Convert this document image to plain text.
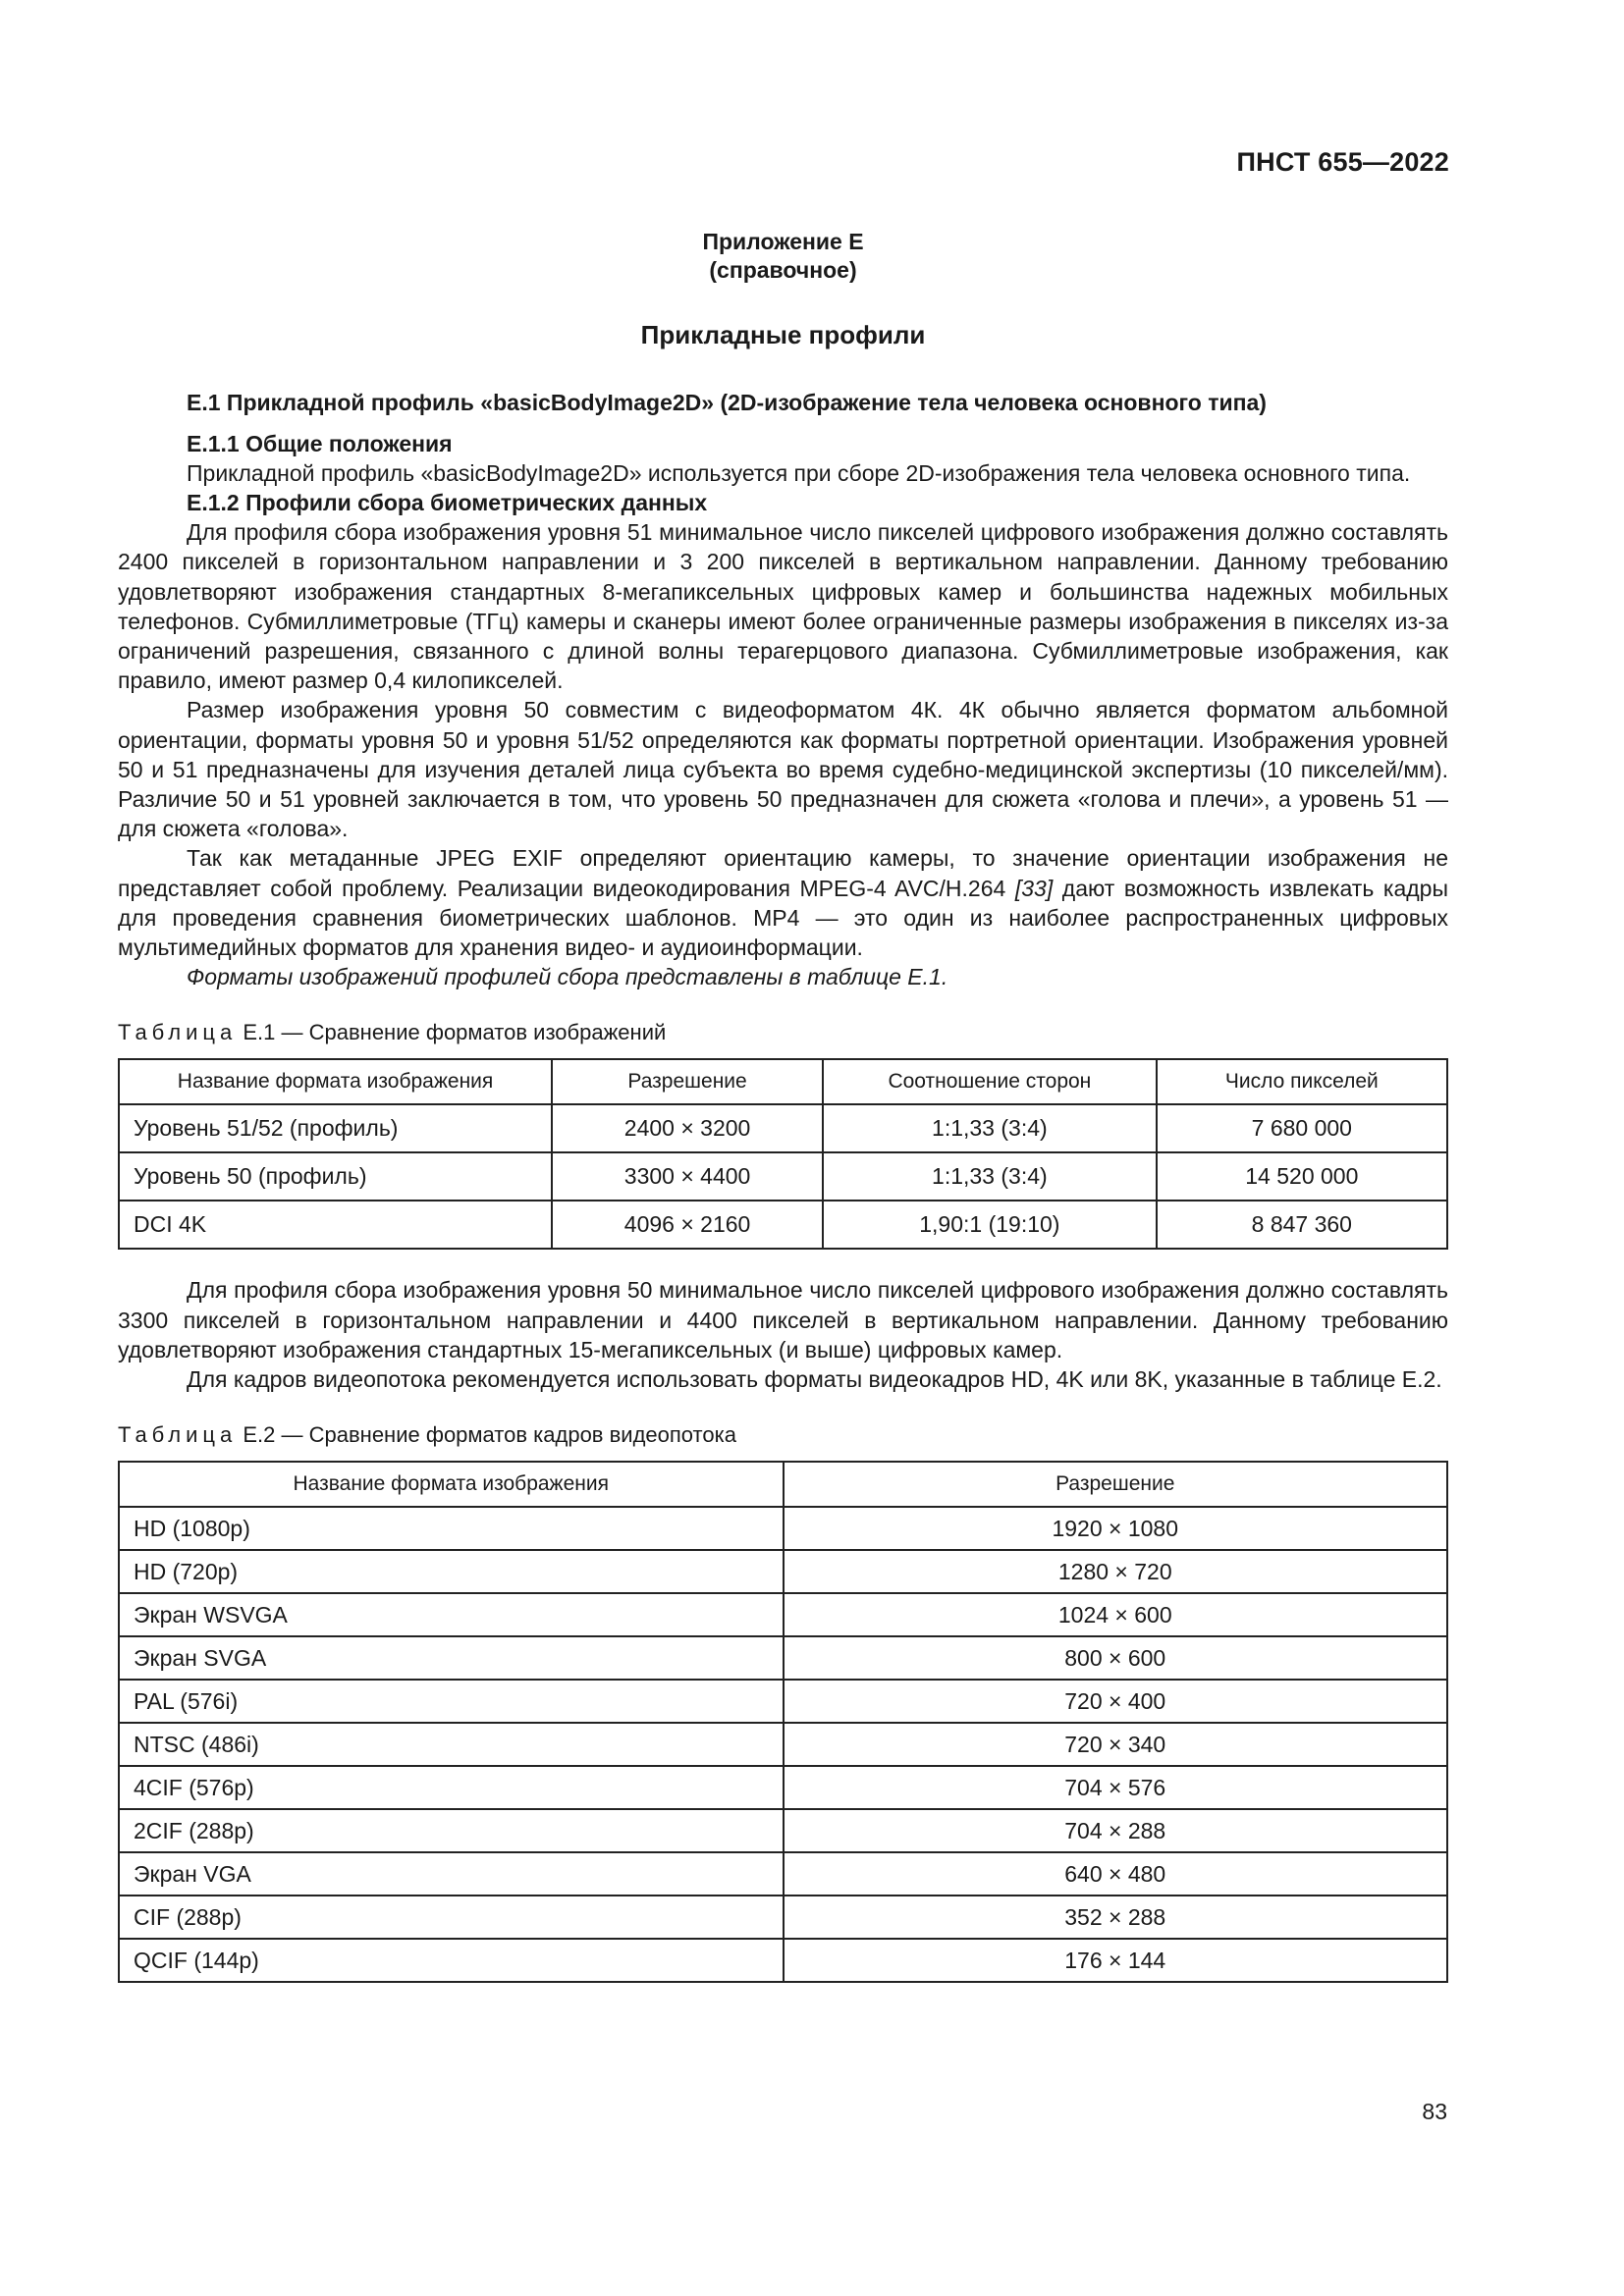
ПНСТ 655—2022
Приложение Е
(справочное)
Прикладные профили
Е.1 Прикладной профиль «basicBodyImage2D» (2D-изображение тела человека основного типа)
Е.1.1 Общие положения

Прикладной профиль «basicBodyImage2D» используется при сборе 2D-изображения тела человека основного типа.

Е.1.2 Профили сбора биометрических данных

Для профиля сбора изображения уровня 51 минимальное число пикселей цифрового изображения должно составлять 2400 пикселей в горизонтальном направлении и 3 200 пикселей в вертикальном направлении. Данному требованию удовлетворяют изображения стандартных 8-мегапиксельных цифровых камер и большинства надежных мобильных телефонов. Субмиллиметровые (ТГц) камеры и сканеры имеют более ограниченные размеры изображения в пикселях из-за ограничений разрешения, связанного с длиной волны терагерцового диапазона. Субмиллиметровые изображения, как правило, имеют размер 0,4 килопикселей.

Размер изображения уровня 50 совместим с видеоформатом 4К. 4К обычно является форматом альбомной ориентации, форматы уровня 50 и уровня 51/52 определяются как форматы портретной ориентации. Изображения уровней 50 и 51 предназначены для изучения деталей лица субъекта во время судебно-медицинской экспертизы (10 пикселей/мм). Различие 50 и 51 уровней заключается в том, что уровень 50 предназначен для сюжета «голова и плечи», а уровень 51 — для сюжета «голова».

Так как метаданные JPEG EXIF определяют ориентацию камеры, то значение ориентации изображения не представляет собой проблему. Реализации видеокодирования MPEG-4 AVC/H.264 [33] дают возможность извлекать кадры для проведения сравнения биометрических шаблонов. MP4 — это один из наиболее распространенных цифровых мультимедийных форматов для хранения видео- и аудиоинформации.

Форматы изображений профилей сбора представлены в таблице Е.1.

Таблица Е.1 — Сравнение форматов изображений
Название формата изображения	Разрешение	Соотношение сторон	Число пикселей
Уровень 51/52 (профиль)	2400 × 3200	1:1,33 (3:4)	7 680 000
Уровень 50 (профиль)	3300 × 4400	1:1,33 (3:4)	14 520 000
DCI 4K	4096 × 2160	1,90:1 (19:10)	8 847 360

Для профиля сбора изображения уровня 50 минимальное число пикселей цифрового изображения должно составлять 3300 пикселей в горизонтальном направлении и 4400 пикселей в вертикальном направлении. Данному требованию удовлетворяют изображения стандартных 15-мегапиксельных (и выше) цифровых камер.

Для кадров видеопотока рекомендуется использовать форматы видеокадров HD, 4K или 8K, указанные в таблице Е.2.

Таблица Е.2 — Сравнение форматов кадров видеопотока
Название формата изображения	Разрешение
HD (1080p)	1920 × 1080
HD (720p)	1280 × 720
Экран WSVGA	1024 × 600
Экран SVGA	800 × 600
PAL (576i)	720 × 400
NTSC (486i)	720 × 340
4CIF (576p)	704 × 576
2CIF (288p)	704 × 288
Экран VGA	640 × 480
CIF (288p)	352 × 288
QCIF (144p)	176 × 144
83
